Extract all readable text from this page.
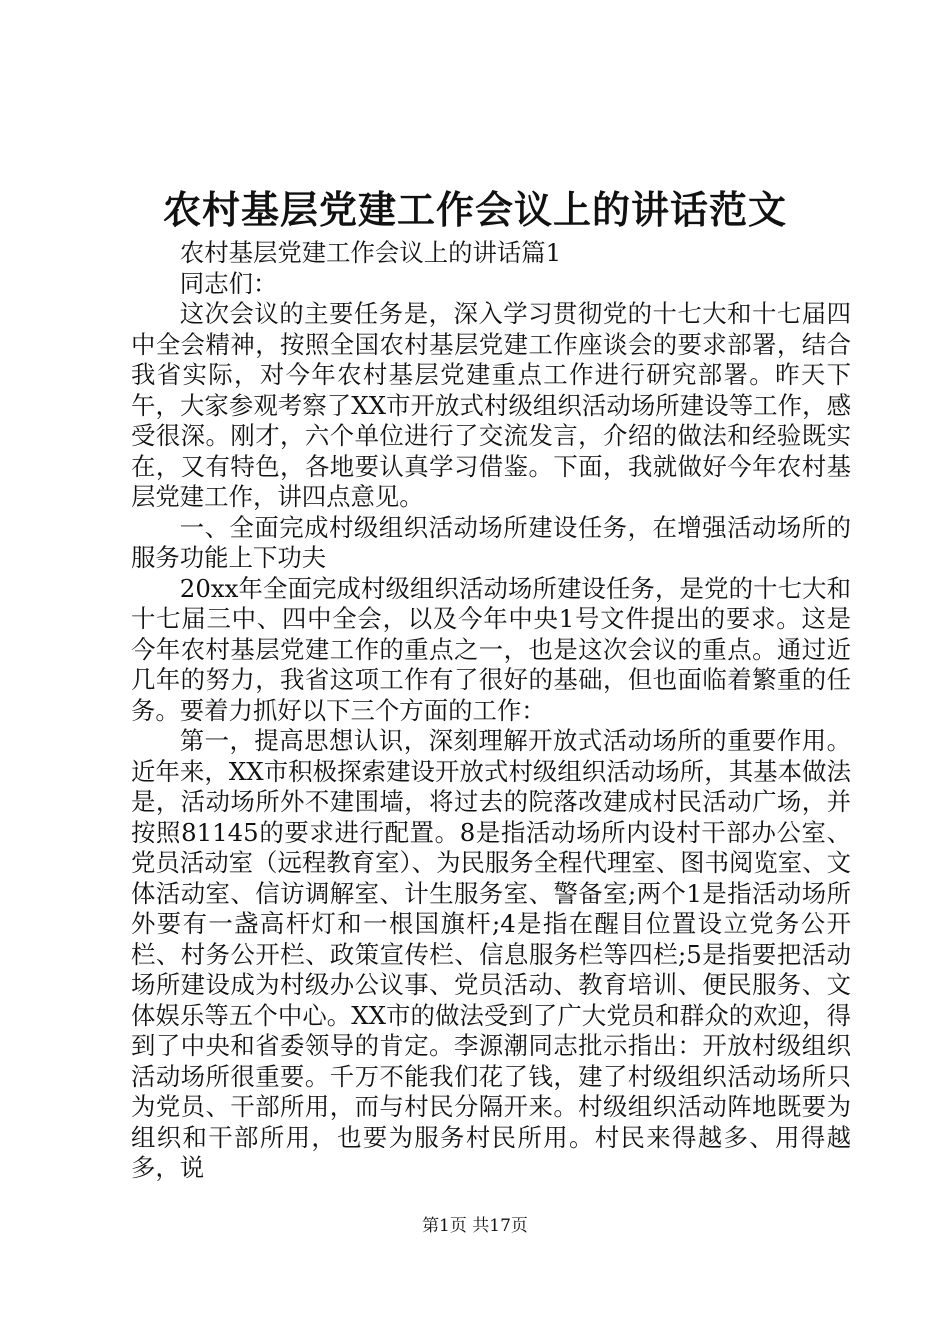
农村基层党建工作会议上的讲话范文

农村基层党建工作会议上的讲话篇1

同志们：

这次会议的主要任务是，深入学习贯彻党的十七大和十七届四中全会精神，按照全国农村基层党建工作座谈会的要求部署，结合我省实际，对今年农村基层党建重点工作进行研究部署。昨天下午，大家参观考察了XX市开放式村级组织活动场所建设等工作，感受很深。刚才，六个单位进行了交流发言，介绍的做法和经验既实在，又有特色，各地要认真学习借鉴。下面，我就做好今年农村基层党建工作，讲四点意见。

一、全面完成村级组织活动场所建设任务，在增强活动场所的服务功能上下功夫

20xx年全面完成村级组织活动场所建设任务，是党的十七大和十七届三中、四中全会，以及今年中央1号文件提出的要求。这是今年农村基层党建工作的重点之一，也是这次会议的重点。通过近几年的努力，我省这项工作有了很好的基础，但也面临着繁重的任务。要着力抓好以下三个方面的工作：

第一，提高思想认识，深刻理解开放式活动场所的重要作用。近年来，XX市积极探索建设开放式村级组织活动场所，其基本做法是，活动场所外不建围墙，将过去的院落改建成村民活动广场，并按照81145的要求进行配置。8是指活动场所内设村干部办公室、党员活动室（远程教育室）、为民服务全程代理室、图书阅览室、文体活动室、信访调解室、计生服务室、警备室;两个1是指活动场所外要有一盏高杆灯和一根国旗杆;4是指在醒目位置设立党务公开栏、村务公开栏、政策宣传栏、信息服务栏等四栏;5是指要把活动场所建设成为村级办公议事、党员活动、教育培训、便民服务、文体娱乐等五个中心。XX市的做法受到了广大党员和群众的欢迎，得到了中央和省委领导的肯定。李源潮同志批示指出：开放村级组织活动场所很重要。千万不能我们花了钱，建了村级组织活动场所只为党员、干部所用，而与村民分隔开来。村级组织活动阵地既要为组织和干部所用，也要为服务村民所用。村民来得越多、用得越多，说

第1页 共17页
